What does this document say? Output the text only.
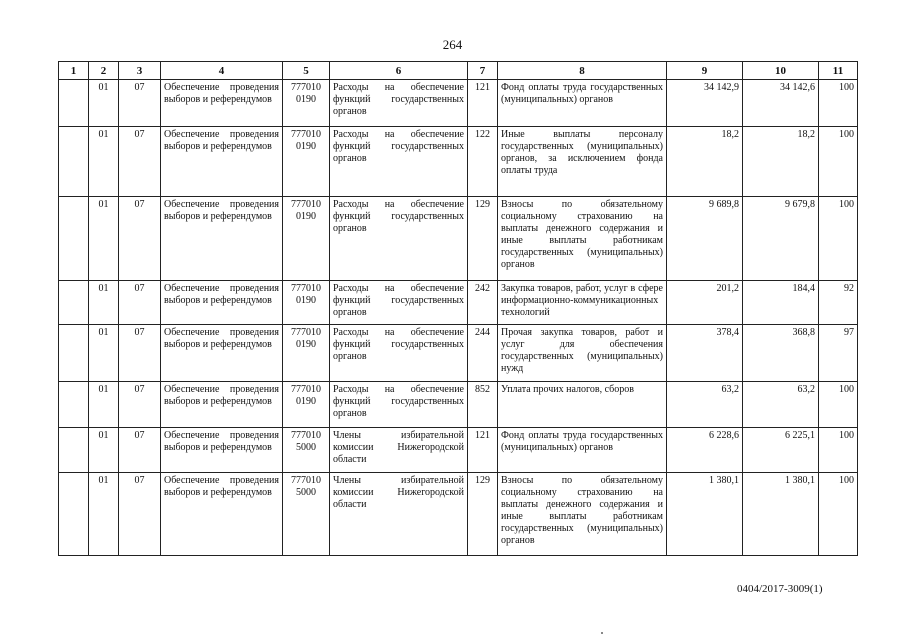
264
1	2	3	4	5	6	7	8	9	10	11
	01	07	Обеспечение проведения выборов и референдумов	777010 0190	Расходы на обеспечение функций государственных органов	121	Фонд оплаты труда государственных (муниципальных) органов	34 142,9	34 142,6	100
	01	07	Обеспечение проведения выборов и референдумов	777010 0190	Расходы на обеспечение функций государственных органов	122	Иные выплаты персоналу государственных (муниципальных) органов, за исключением фонда оплаты труда	18,2	18,2	100
	01	07	Обеспечение проведения выборов и референдумов	777010 0190	Расходы на обеспечение функций государственных органов	129	Взносы по обязательному социальному страхованию на выплаты денежного содержания и иные выплаты работникам государственных (муниципальных) органов	9 689,8	9 679,8	100
	01	07	Обеспечение проведения выборов и референдумов	777010 0190	Расходы на обеспечение функций государственных органов	242	Закупка товаров, работ, услуг в сфере информационно-коммуникационных технологий	201,2	184,4	92
	01	07	Обеспечение проведения выборов и референдумов	777010 0190	Расходы на обеспечение функций государственных органов	244	Прочая закупка товаров, работ и услуг для обеспечения государственных (муниципальных) нужд	378,4	368,8	97
	01	07	Обеспечение проведения выборов и референдумов	777010 0190	Расходы на обеспечение функций государственных органов	852	Уплата прочих налогов, сборов	63,2	63,2	100
	01	07	Обеспечение проведения выборов и референдумов	777010 5000	Члены избирательной комиссии Нижегородской области	121	Фонд оплаты труда государственных (муниципальных) органов	6 228,6	6 225,1	100
	01	07	Обеспечение проведения выборов и референдумов	777010 5000	Члены избирательной комиссии Нижегородской области	129	Взносы по обязательному социальному страхованию на выплаты денежного содержания и иные выплаты работникам государственных (муниципальных) органов	1 380,1	1 380,1	100
0404/2017-3009(1)
